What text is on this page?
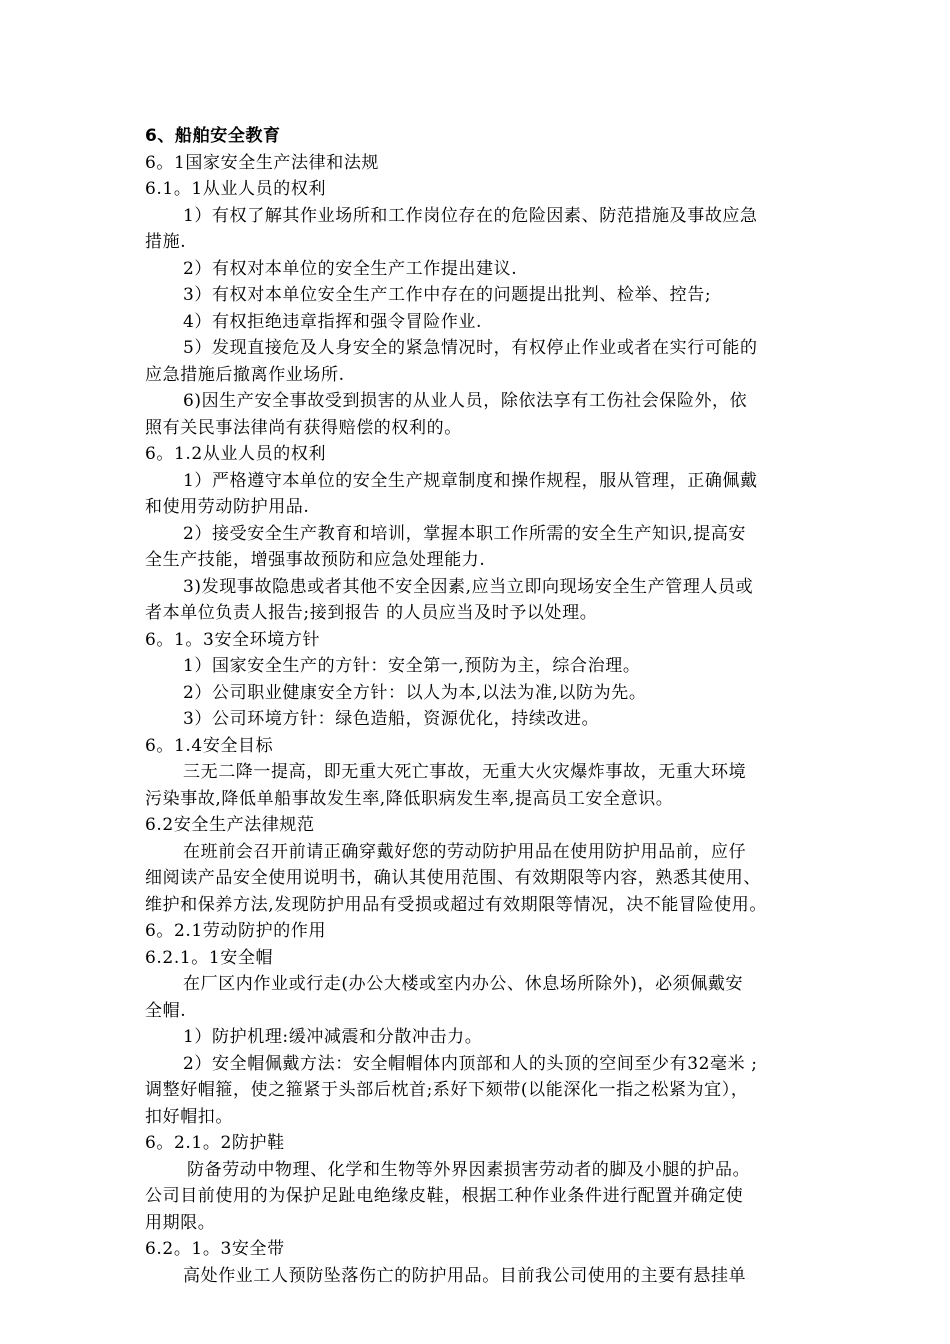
6、船舶安全教育
6。1国家安全生产法律和法规
6.1。1从业人员的权利
1）有权了解其作业场所和工作岗位存在的危险因素、防范措施及事故应急
措施.
2）有权对本单位的安全生产工作提出建议.
3）有权对本单位安全生产工作中存在的问题提出批判、检举、控告;
4）有权拒绝违章指挥和强令冒险作业.
5）发现直接危及人身安全的紧急情况时，有权停止作业或者在实行可能的
应急措施后撤离作业场所.
6)因生产安全事故受到损害的从业人员，除依法享有工伤社会保险外，依
照有关民事法律尚有获得赔偿的权利的。
6。1.2从业人员的权利
1）严格遵守本单位的安全生产规章制度和操作规程，服从管理，正确佩戴
和使用劳动防护用品.
2）接受安全生产教育和培训，掌握本职工作所需的安全生产知识,提高安
全生产技能，增强事故预防和应急处理能力.
3)发现事故隐患或者其他不安全因素,应当立即向现场安全生产管理人员或
者本单位负责人报告;接到报告 的人员应当及时予以处理。
6。1。3安全环境方针
1）国家安全生产的方针：安全第一,预防为主，综合治理。
2）公司职业健康安全方针：以人为本,以法为准,以防为先。
3）公司环境方针：绿色造船，资源优化，持续改进。
6。1.4安全目标
三无二降一提高，即无重大死亡事故，无重大火灾爆炸事故，无重大环境
污染事故,降低单船事故发生率,降低职病发生率,提高员工安全意识。
6.2安全生产法律规范
在班前会召开前请正确穿戴好您的劳动防护用品在使用防护用品前，应仔
细阅读产品安全使用说明书，确认其使用范围、有效期限等内容，熟悉其使用、
维护和保养方法,发现防护用品有受损或超过有效期限等情况，决不能冒险使用。
6。2.1劳动防护的作用
6.2.1。1安全帽
在厂区内作业或行走(办公大楼或室内办公、休息场所除外)，必须佩戴安
全帽.
1）防护机理:缓冲减震和分散冲击力。
2）安全帽佩戴方法：安全帽帽体内顶部和人的头顶的空间至少有32毫米 ;
调整好帽箍，使之箍紧于头部后枕首;系好下颏带(以能深化一指之松紧为宜），
扣好帽扣。
6。2.1。2防护鞋
防备劳动中物理、化学和生物等外界因素损害劳动者的脚及小腿的护品。
公司目前使用的为保护足趾电绝缘皮鞋，根据工种作业条件进行配置并确定使
用期限。
6.2。1。3安全带
高处作业工人预防坠落伤亡的防护用品。目前我公司使用的主要有悬挂单
